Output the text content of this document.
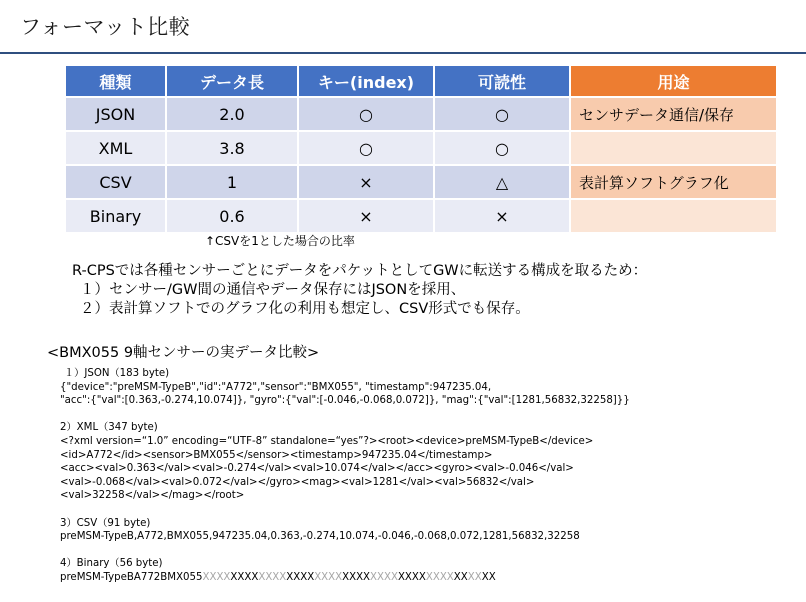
フォーマット比較
種類	データ長	キー(index)	可読性	用途
JSON	2.0	○	○	センサデータ通信/保存
XML	3.8	○	○	
CSV	1	×	△	表計算ソフトグラフ化
Binary	0.6	×	×	
↑CSVを1とした場合の比率
R-CPSでは各種センサーごとにデータをパケットとしてGWに転送する構成を取るため：
１）センサー/GW間の通信やデータ保存にはJSONを採用、
２）表計算ソフトでのグラフ化の利用も想定し、CSV形式でも保存。
<BMX055 9軸センサーの実データ比較>
１）JSON（183 byte)
{"device":"preMSM-TypeB","id":"A772","sensor":"BMX055", "timestamp":947235.04,
"acc":{"val":[0.363,-0.274,10.074]}, "gyro":{"val":[-0.046,-0.068,0.072]}, "mag":{"val":[1281,56832,32258]}}
2）XML（347 byte)
<?xml version=“1.0” encoding=“UTF-8” standalone=“yes”?><root><device>preMSM-TypeB</device>
<id>A772</id><sensor>BMX055</sensor><timestamp>947235.04</timestamp>
<acc><val>0.363</val><val>-0.274</val><val>10.074</val></acc><gyro><val>-0.046</val>
<val>-0.068</val><val>0.072</val></gyro><mag><val>1281</val><val>56832</val>
<val>32258</val></mag></root>
3）CSV（91 byte)
preMSM-TypeB,A772,BMX055,947235.04,0.363,-0.274,10.074,-0.046,-0.068,0.072,1281,56832,32258
4）Binary（56 byte)
preMSM-TypeBA772BMX055XXXXXXXXXXXXXXXXXXXXXXXXXXXXXXXXXXXXXXXXXX
